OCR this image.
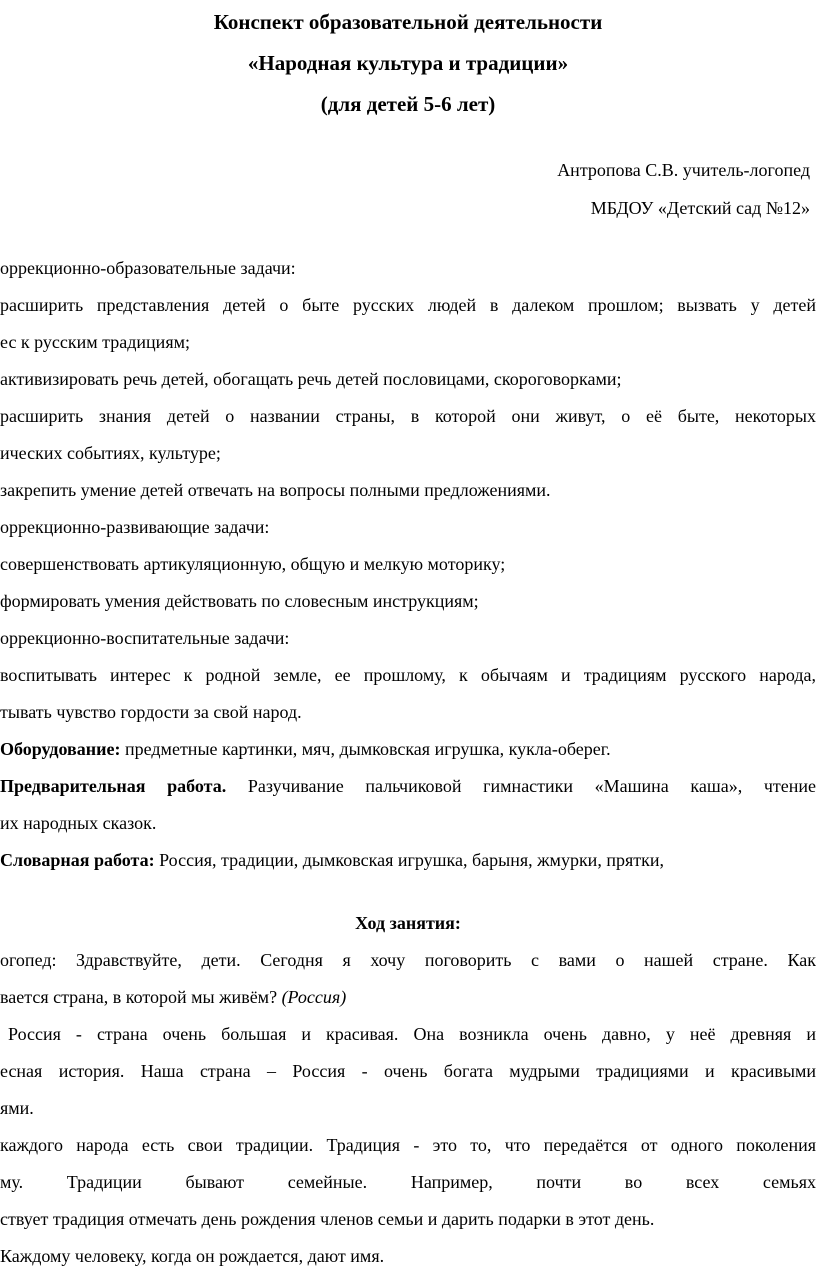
Конспект образовательной деятельности
«Народная культура и традиции»
(для детей 5-6 лет)
Антропова С.В. учитель-логопед
МБДОУ «Детский сад №12»
оррекционно-образовательные задачи:
расширить представления детей о быте русских людей в далеком прошлом; вызвать у детей
ес к русским традициям;
активизировать речь детей, обогащать речь детей пословицами, скороговорками;
расширить знания детей о названии страны, в которой они живут, о её быте, некоторых
ических событиях, культуре;
закрепить умение детей отвечать на вопросы полными предложениями.
оррекционно-развивающие задачи:
совершенствовать артикуляционную, общую и мелкую моторику;
формировать умения действовать по словесным инструкциям;
оррекционно-воспитательные задачи:
воспитывать интерес к родной земле, ее прошлому, к обычаям и традициям русского народа,
тывать чувство гордости за свой народ.
Оборудование: предметные картинки, мяч, дымковская игрушка, кукла-оберег.
Предварительная работа. Разучивание пальчиковой гимнастики «Машина каша», чтение
их народных сказок.
Словарная работа: Россия, традиции, дымковская игрушка, барыня, жмурки, прятки,
Ход занятия:
огопед: Здравствуйте, дети. Сегодня я хочу поговорить с вами о нашей стране. Как
вается страна, в которой мы живём? (Россия)
Россия - страна очень большая и красивая. Она возникла очень давно, у неё древняя и
есная история. Наша страна – Россия - очень богата мудрыми традициями и красивыми
ями.
каждого народа есть свои традиции. Традиция - это то, что передаётся от одного поколения
му. Традиции бывают семейные. Например, почти во всех семьях
ствует традиция отмечать день рождения членов семьи и дарить подарки в этот день.
Каждому человеку, когда он рождается, дают имя.
